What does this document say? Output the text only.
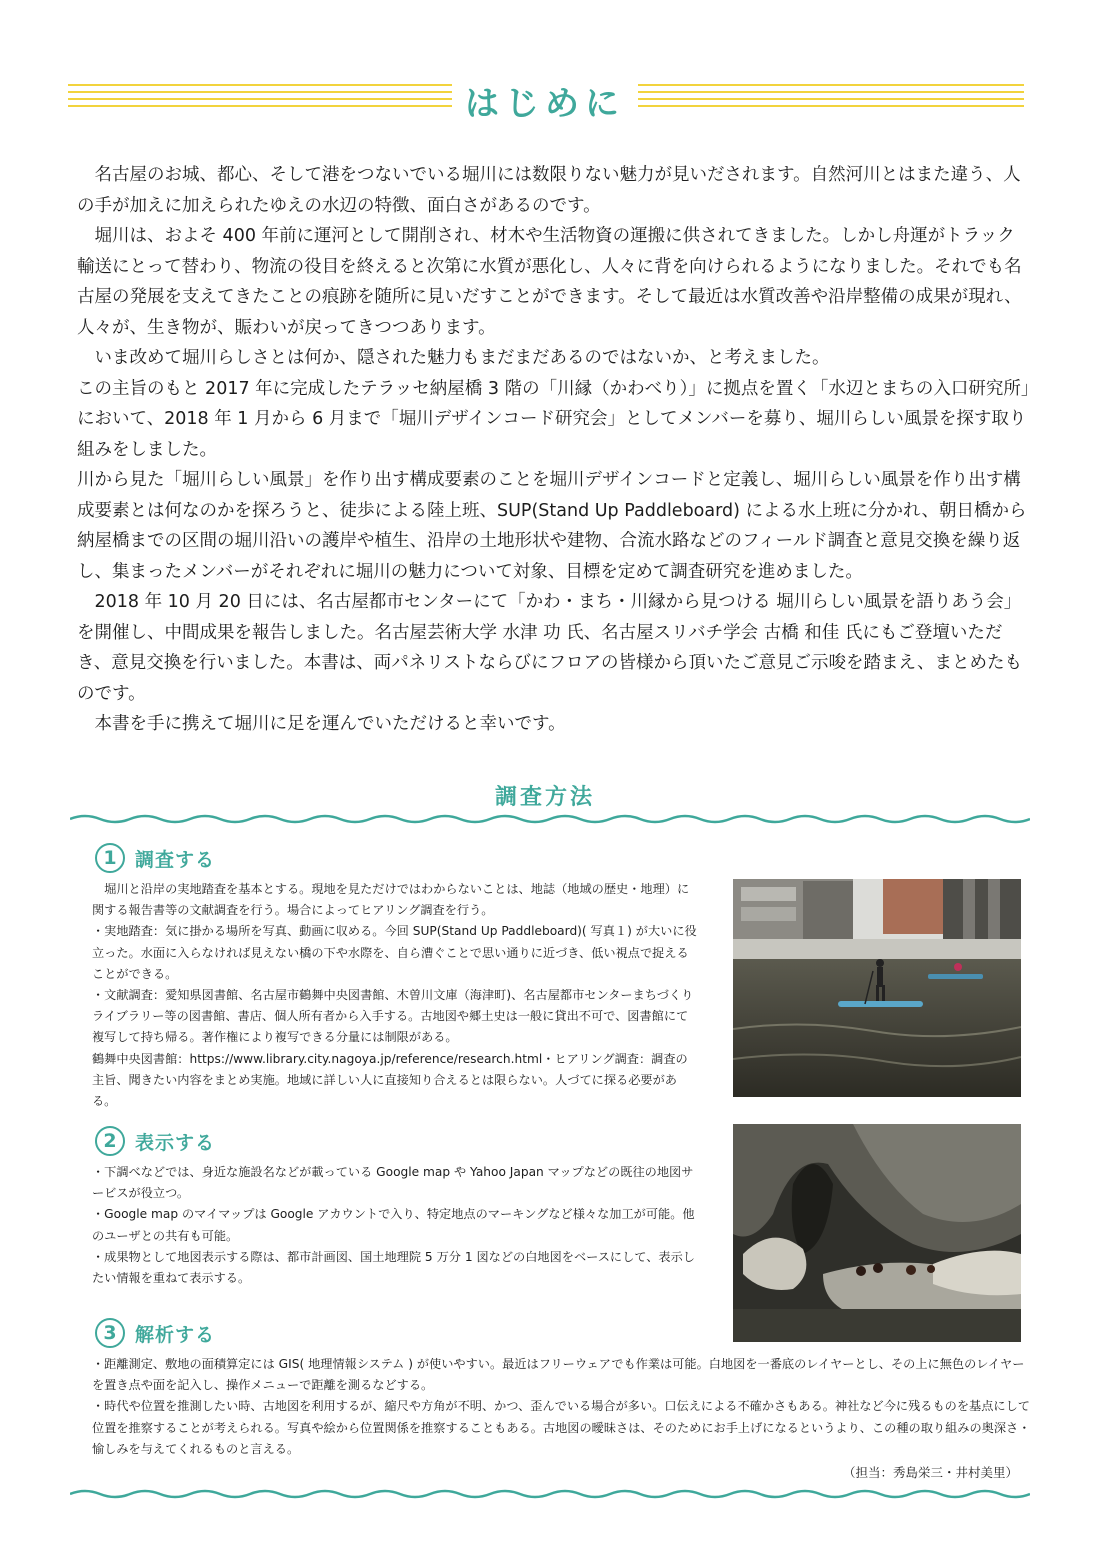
はじめに

　名古屋のお城、都心、そして港をつないでいる堀川には数限りない魅力が見いだされます。自然河川とはまた違う、人の手が加えに加えられたゆえの水辺の特徴、面白さがあるのです。

　堀川は、およそ 400 年前に運河として開削され、材木や生活物資の運搬に供されてきました。しかし舟運がトラック輸送にとって替わり、物流の役目を終えると次第に水質が悪化し、人々に背を向けられるようになりました。それでも名古屋の発展を支えてきたことの痕跡を随所に見いだすことができます。そして最近は水質改善や沿岸整備の成果が現れ、人々が、生き物が、賑わいが戻ってきつつあります。

　いま改めて堀川らしさとは何か、隠された魅力もまだまだあるのではないか、と考えました。

この主旨のもと 2017 年に完成したテラッセ納屋橋 3 階の「川縁（かわべり）」に拠点を置く「水辺とまちの入口研究所」において、2018 年 1 月から 6 月まで「堀川デザインコード研究会」としてメンバーを募り、堀川らしい風景を探す取り組みをしました。

川から見た「堀川らしい風景」を作り出す構成要素のことを堀川デザインコードと定義し、堀川らしい風景を作り出す構成要素とは何なのかを探ろうと、徒歩による陸上班、SUP(Stand Up Paddleboard) による水上班に分かれ、朝日橋から納屋橋までの区間の堀川沿いの護岸や植生、沿岸の土地形状や建物、合流水路などのフィールド調査と意見交換を繰り返し、集まったメンバーがそれぞれに堀川の魅力について対象、目標を定めて調査研究を進めました。

　2018 年 10 月 20 日には、名古屋都市センターにて「かわ・まち・川縁から見つける 堀川らしい風景を語りあう会」を開催し、中間成果を報告しました。名古屋芸術大学 水津 功 氏、名古屋スリバチ学会 古橋 和佳 氏にもご登壇いただき、意見交換を行いました。本書は、両パネリストならびにフロアの皆様から頂いたご意見ご示唆を踏まえ、まとめたものです。

　本書を手に携えて堀川に足を運んでいただけると幸いです。

調査方法
1 調査する

　堀川と沿岸の実地踏査を基本とする。現地を見ただけではわからないことは、地誌（地域の歴史・地理）に関する報告書等の文献調査を行う。場合によってヒアリング調査を行う。

・実地踏査：気に掛かる場所を写真、動画に収める。今回 SUP(Stand Up Paddleboard)( 写真１) が大いに役立った。水面に入らなければ見えない橋の下や水際を、自ら漕ぐことで思い通りに近づき、低い視点で捉えることができる。

・文献調査：愛知県図書館、名古屋市鶴舞中央図書館、木曽川文庫（海津町)、名古屋都市センターまちづくりライブラリー等の図書館、書店、個人所有者から入手する。古地図や郷土史は一般に貸出不可で、図書館にて複写して持ち帰る。著作権により複写できる分量には制限がある。

鶴舞中央図書館：https://www.library.city.nagoya.jp/reference/research.html・ヒアリング調査：調査の主旨、聞きたい内容をまとめ実施。地域に詳しい人に直接知り合えるとは限らない。人づてに探る必要がある。

2 表示する

・下調べなどでは、身近な施設名などが載っている Google map や Yahoo Japan マップなどの既往の地図サービスが役立つ。

・Google map のマイマップは Google アカウントで入り、特定地点のマーキングなど様々な加工が可能。他のユーザとの共有も可能。

・成果物として地図表示する際は、都市計画図、国土地理院 5 万分 1 図などの白地図をベースにして、表示したい情報を重ねて表示する。

3 解析する

・距離測定、敷地の面積算定には GIS( 地理情報システム ) が使いやすい。最近はフリーウェアでも作業は可能。白地図を一番底のレイヤーとし、その上に無色のレイヤーを置き点や面を記入し、操作メニューで距離を測るなどする。

・時代や位置を推測したい時、古地図を利用するが、縮尺や方角が不明、かつ、歪んでいる場合が多い。口伝えによる不確かさもある。神社など今に残るものを基点にして位置を推察することが考えられる。写真や絵から位置関係を推察することもある。古地図の曖昧さは、そのためにお手上げになるというより、この種の取り組みの奥深さ・愉しみを与えてくれるものと言える。

（担当：秀島栄三・井村美里）
